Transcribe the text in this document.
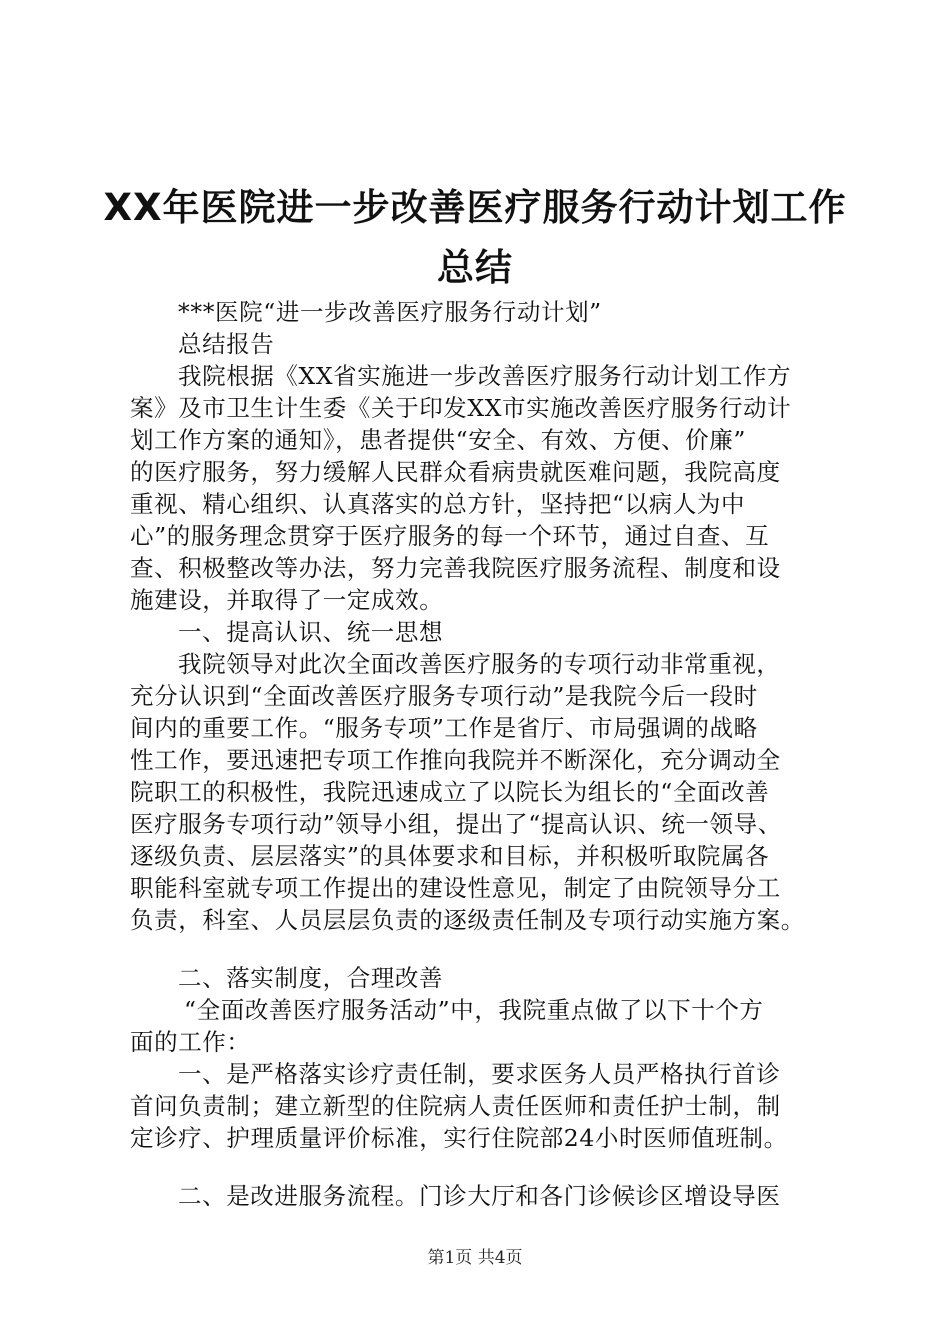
XX年医院进一步改善医疗服务行动计划工作
总结
***医院“进一步改善医疗服务行动计划”
总结报告
我院根据《XX省实施进一步改善医疗服务行动计划工作方
案》及市卫生计生委《关于印发XX市实施改善医疗服务行动计
划工作方案的通知》，患者提供“安全、有效、方便、价廉”
的医疗服务，努力缓解人民群众看病贵就医难问题，我院高度
重视、精心组织、认真落实的总方针，坚持把“以病人为中
心”的服务理念贯穿于医疗服务的每一个环节，通过自查、互
查、积极整改等办法，努力完善我院医疗服务流程、制度和设
施建设，并取得了一定成效。
一、提高认识、统一思想
我院领导对此次全面改善医疗服务的专项行动非常重视，
充分认识到“全面改善医疗服务专项行动”是我院今后一段时
间内的重要工作。“服务专项”工作是省厅、市局强调的战略
性工作，要迅速把专项工作推向我院并不断深化，充分调动全
院职工的积极性，我院迅速成立了以院长为组长的“全面改善
医疗服务专项行动”领导小组，提出了“提高认识、统一领导、
逐级负责、层层落实”的具体要求和目标，并积极听取院属各
职能科室就专项工作提出的建设性意见，制定了由院领导分工
负责，科室、人员层层负责的逐级责任制及专项行动实施方案。
二、落实制度，合理改善
“全面改善医疗服务活动”中，我院重点做了以下十个方
面的工作：
一、是严格落实诊疗责任制，要求医务人员严格执行首诊
首问负责制；建立新型的住院病人责任医师和责任护士制，制
定诊疗、护理质量评价标准，实行住院部24小时医师值班制。
二、是改进服务流程。门诊大厅和各门诊候诊区增设导医
第1页 共4页
